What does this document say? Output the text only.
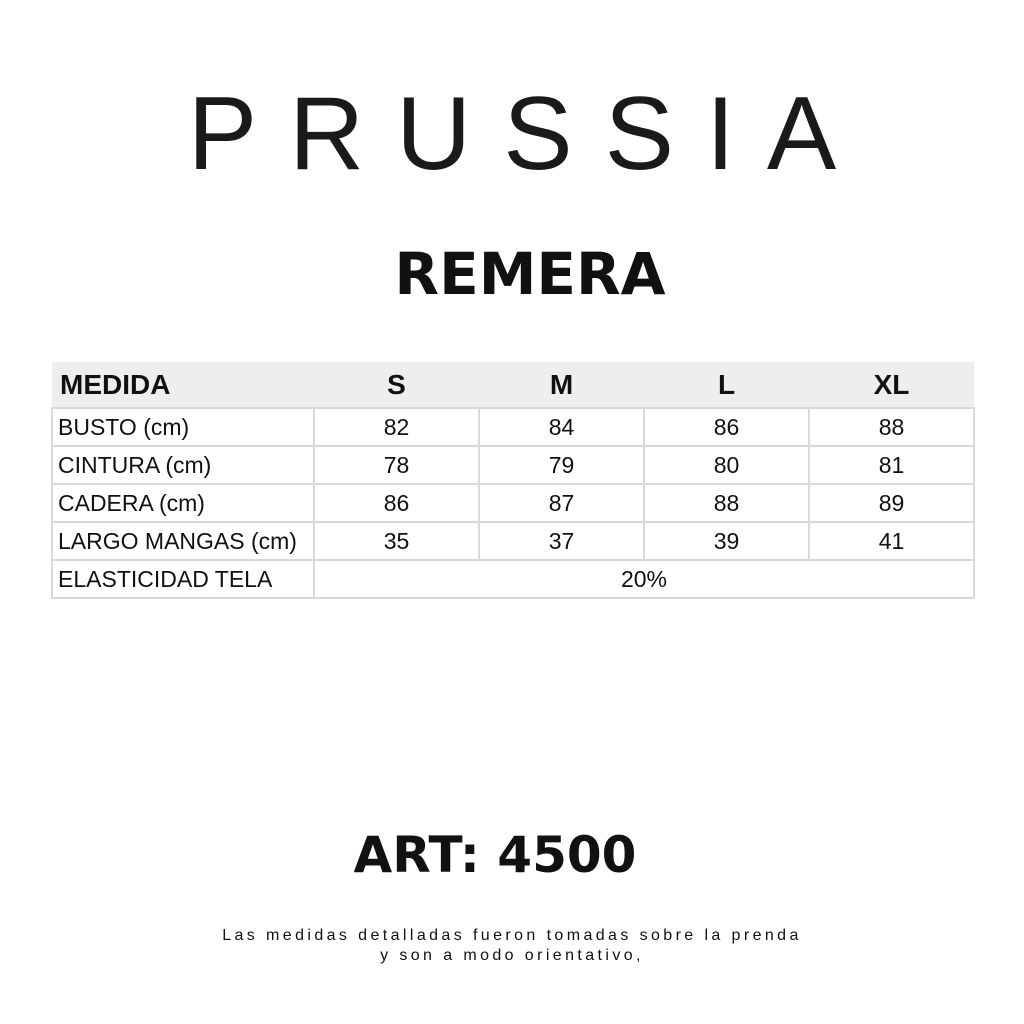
PRUSSIA
REMERA
MEDIDA	S	M	L	XL
BUSTO (cm)	82	84	86	88
CINTURA (cm)	78	79	80	81
CADERA (cm)	86	87	88	89
LARGO MANGAS (cm)	35	37	39	41
ELASTICIDAD TELA	20%			
ART: 4500
Las medidas detalladas fueron tomadas sobre la prenda
y son a modo orientativo,
